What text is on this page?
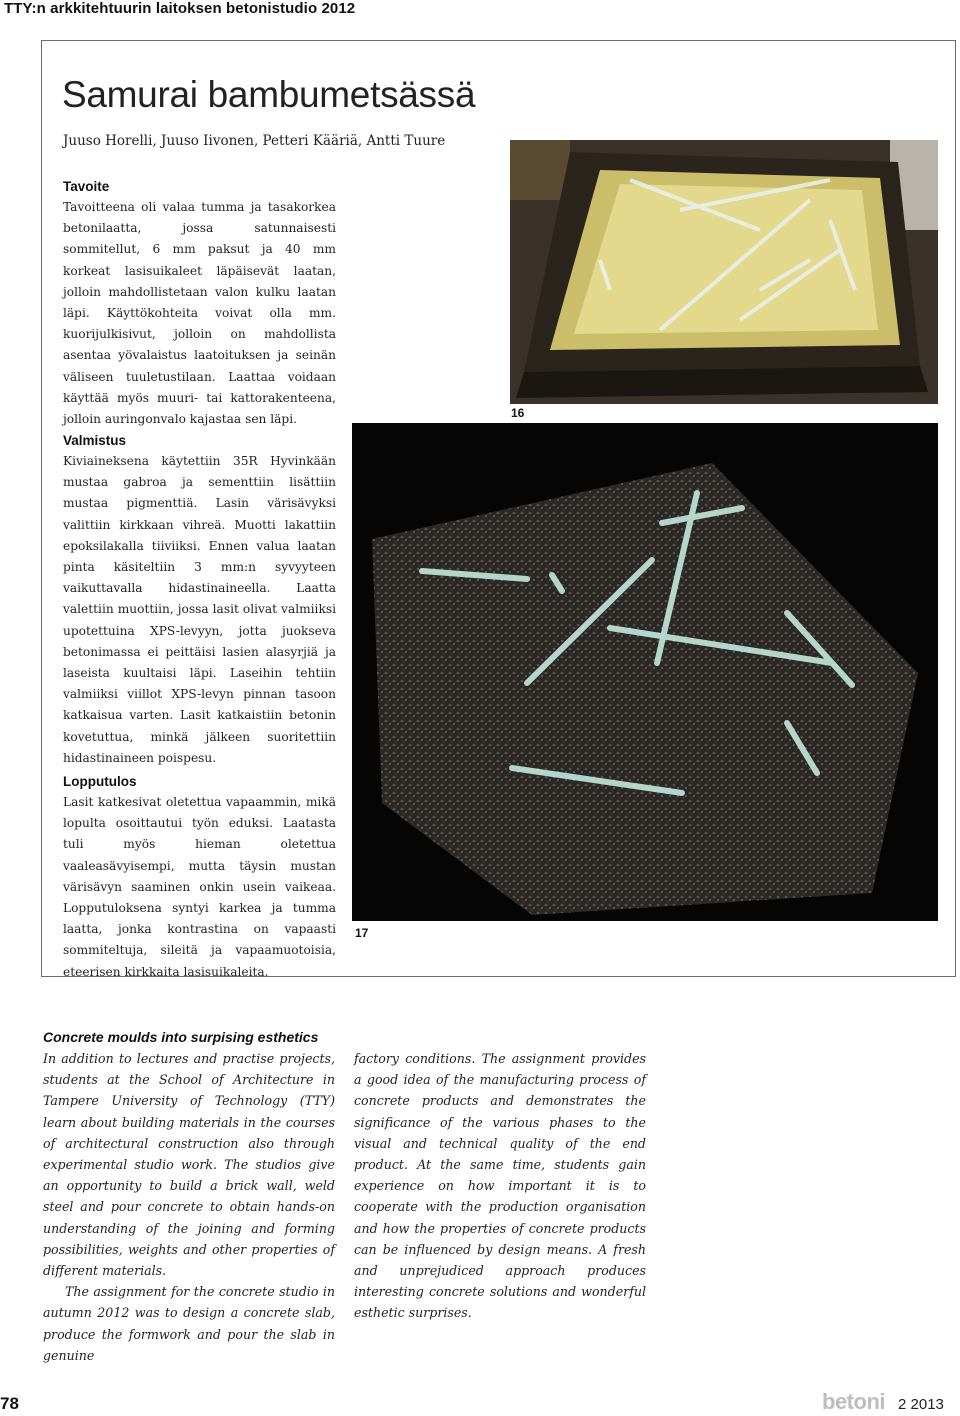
TTY:n arkkitehtuurin laitoksen betonistudio 2012
Samurai bambumetsässä
Juuso Horelli, Juuso Iivonen, Petteri Kääriä, Antti Tuure
Tavoite

Tavoitteena oli valaa tumma ja tasakorkea betonilaatta, jossa satunnaisesti sommitellut, 6 mm paksut ja 40 mm korkeat lasisuikaleet läpäisevät laatan, jolloin mahdollistetaan valon kulku laatan läpi. Käyttökohteita voivat olla mm. kuorijulkisivut, jolloin on mahdollista asentaa yövalaistus laatoituksen ja seinän väliseen tuuletustilaan. Laattaa voidaan käyttää myös muuri- tai kattorakenteena, jolloin auringonvalo kajastaa sen läpi.

Valmistus

Kiviaineksena käytettiin 35R Hyvinkään mustaa gabroa ja sementtiin lisättiin mustaa pigmenttiä. Lasin värisävyksi valittiin kirkkaan vihreä. Muotti lakattiin epoksilakalla tiiviiksi. Ennen valua laatan pinta käsiteltiin 3 mm:n syvyyteen vaikuttavalla hidastinaineella. Laatta valettiin muottiin, jossa lasit olivat valmiiksi upotettuina XPS-levyyn, jotta juokseva betonimassa ei peittäisi lasien alasyrjiä ja laseista kuultaisi läpi. Laseihin tehtiin valmiiksi viillot XPS-levyn pinnan tasoon katkaisua varten. Lasit katkaistiin betonin kovetuttua, minkä jälkeen suoritettiin hidastinaineen poispesu.

Lopputulos

Lasit katkesivat oletettua vapaammin, mikä lopulta osoittautui työn eduksi. Laatasta tuli myös hieman oletettua vaaleasävyisempi, mutta täysin mustan värisävyn saaminen onkin usein vaikeaa. Lopputuloksena syntyi karkea ja tumma laatta, jonka kontrastina on vapaasti sommiteltuja, sileitä ja vapaamuotoisia, eteerisen kirkkaita lasisuikaleita.

16
17
Concrete moulds into surpising esthetics

In addition to lectures and practise projects, students at the School of Architecture in Tampere University of Technology (TTY) learn about building materials in the courses of architectural construction also through experimental studio work. The studios give an opportunity to build a brick wall, weld steel and pour concrete to obtain hands-on understanding of the joining and forming possibilities, weights and other properties of different materials.

The assignment for the concrete studio in autumn 2012 was to design a concrete slab, produce the formwork and pour the slab in genuine

factory conditions. The assignment provides a good idea of the manufacturing process of concrete products and demonstrates the significance of the various phases to the visual and technical quality of the end product. At the same time, students gain experience on how important it is to cooperate with the production organisation and how the properties of concrete products can be influenced by design means. A fresh and unprejudiced approach produces interesting concrete solutions and wonderful esthetic surprises.

78	betoni 2 2013
